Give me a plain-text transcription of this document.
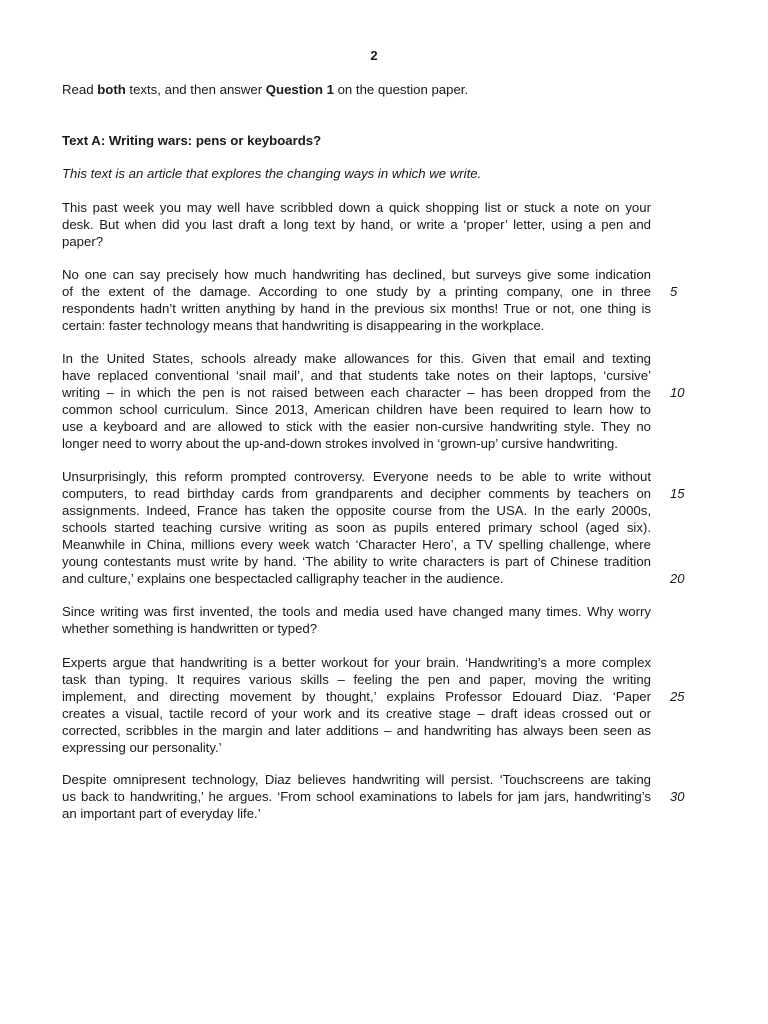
2
Read both texts, and then answer Question 1 on the question paper.
Text A: Writing wars: pens or keyboards?
This text is an article that explores the changing ways in which we write.
This past week you may well have scribbled down a quick shopping list or stuck a note on your
desk. But when did you last draft a long text by hand, or write a ‘proper’ letter, using a pen and
paper?
No one can say precisely how much handwriting has declined, but surveys give some indication
of the extent of the damage. According to one study by a printing company, one in three
respondents hadn’t written anything by hand in the previous six months! True or not, one thing is
certain: faster technology means that handwriting is disappearing in the workplace.
In the United States, schools already make allowances for this. Given that email and texting
have replaced conventional ‘snail mail’, and that students take notes on their laptops, ‘cursive’
writing – in which the pen is not raised between each character – has been dropped from the
common school curriculum. Since 2013, American children have been required to learn how to
use a keyboard and are allowed to stick with the easier non-cursive handwriting style. They no
longer need to worry about the up-and-down strokes involved in ‘grown-up’ cursive handwriting.
Unsurprisingly, this reform prompted controversy. Everyone needs to be able to write without
computers, to read birthday cards from grandparents and decipher comments by teachers on
assignments. Indeed, France has taken the opposite course from the USA. In the early 2000s,
schools started teaching cursive writing as soon as pupils entered primary school (aged six).
Meanwhile in China, millions every week watch ‘Character Hero’, a TV spelling challenge, where
young contestants must write by hand. ‘The ability to write characters is part of Chinese tradition
and culture,’ explains one bespectacled calligraphy teacher in the audience.
Since writing was first invented, the tools and media used have changed many times. Why worry
whether something is handwritten or typed?
Experts argue that handwriting is a better workout for your brain. ‘Handwriting’s a more complex
task than typing. It requires various skills – feeling the pen and paper, moving the writing
implement, and directing movement by thought,’ explains Professor Edouard Diaz. ‘Paper
creates a visual, tactile record of your work and its creative stage – draft ideas crossed out or
corrected, scribbles in the margin and later additions – and handwriting has always been seen as
expressing our personality.’
Despite omnipresent technology, Diaz believes handwriting will persist. ‘Touchscreens are taking
us back to handwriting,’ he argues. ‘From school examinations to labels for jam jars, handwriting’s
an important part of everyday life.’
5
10
15
20
25
30
